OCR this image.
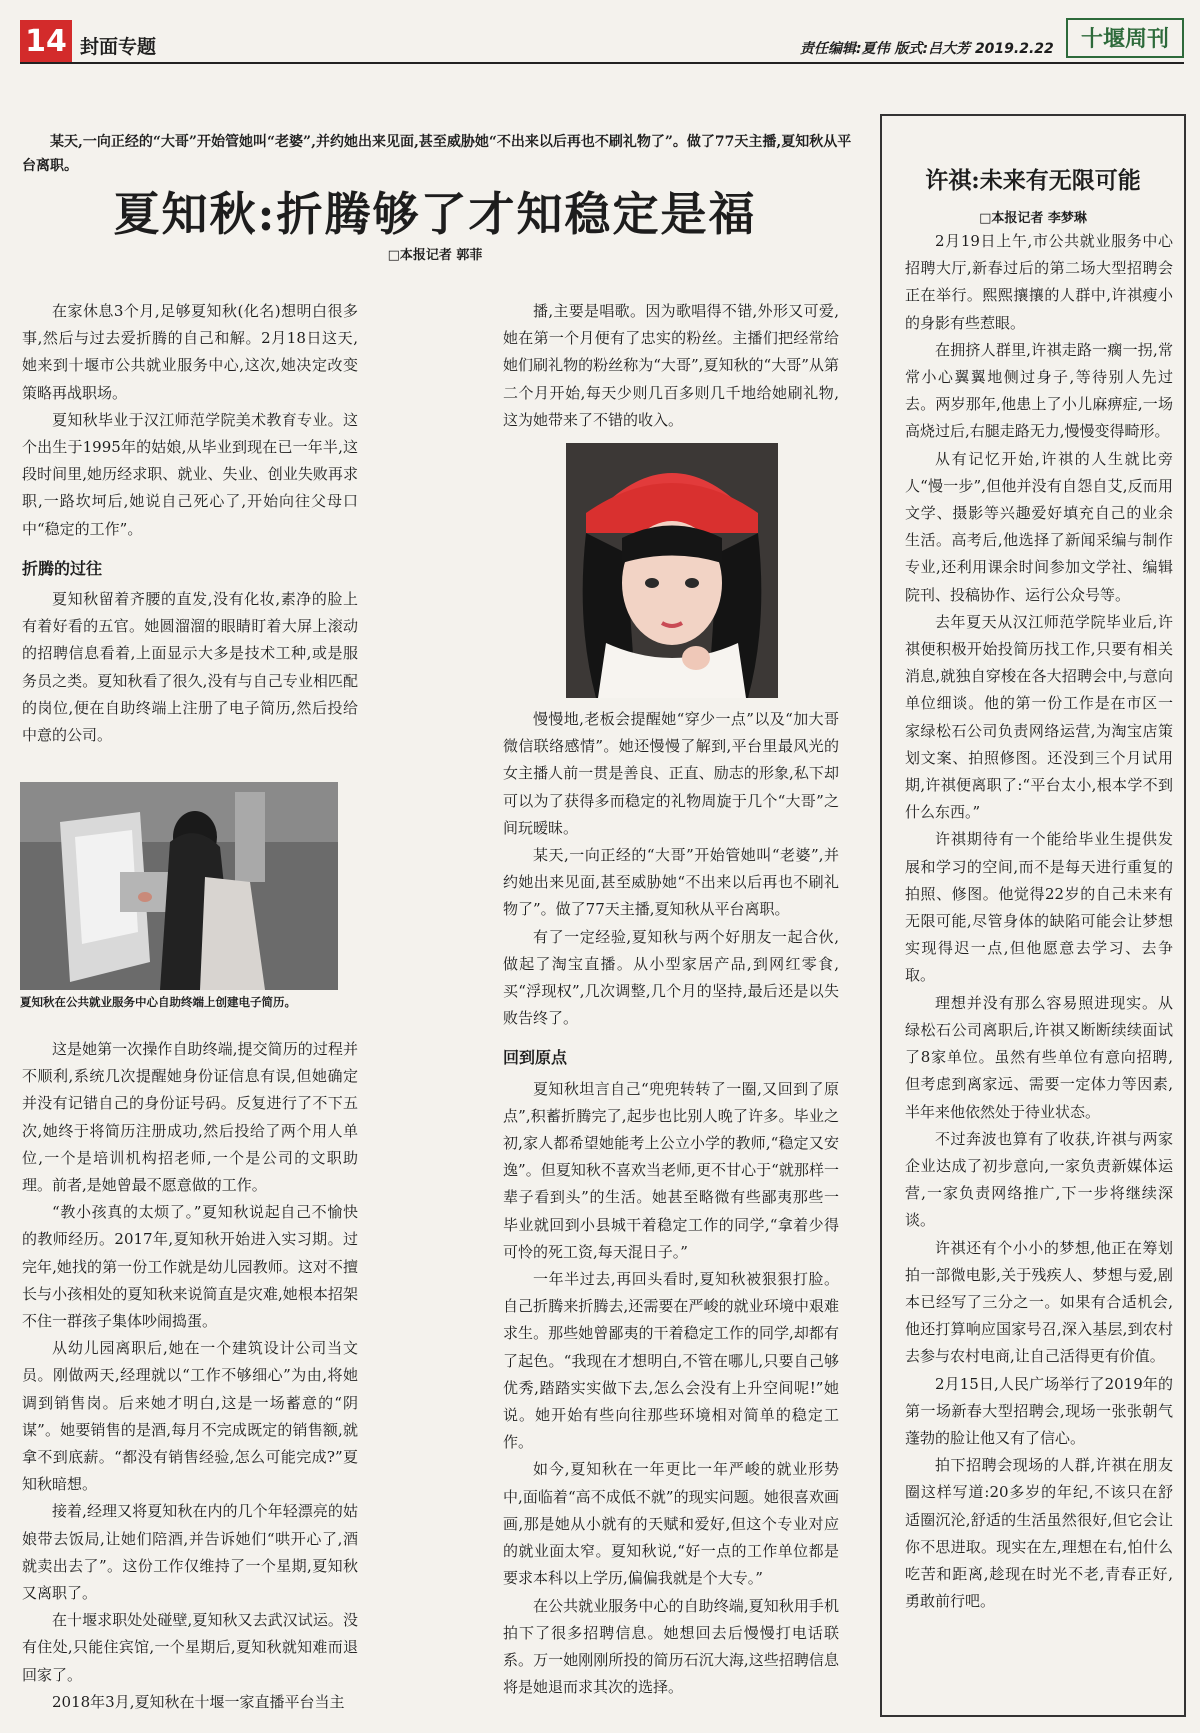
14 封面专题	责任编辑:夏伟 版式:吕大芳 2019.2.22	十堰周刊
某天,一向正经的“大哥”开始管她叫“老婆”,并约她出来见面,甚至威胁她“不出来以后再也不刷礼物了”。做了77天主播,夏知秋从平台离职。
夏知秋:折腾够了才知稳定是福
□本报记者 郭菲

在家休息3个月,足够夏知秋(化名)想明白很多事,然后与过去爱折腾的自己和解。2月18日这天,她来到十堰市公共就业服务中心,这次,她决定改变策略再战职场。

夏知秋毕业于汉江师范学院美术教育专业。这个出生于1995年的姑娘,从毕业到现在已一年半,这段时间里,她历经求职、就业、失业、创业失败再求职,一路坎坷后,她说自己死心了,开始向往父母口中“稳定的工作”。

折腾的过往

夏知秋留着齐腰的直发,没有化妆,素净的脸上有着好看的五官。她圆溜溜的眼睛盯着大屏上滚动的招聘信息看着,上面显示大多是技术工种,或是服务员之类。夏知秋看了很久,没有与自己专业相匹配的岗位,便在自助终端上注册了电子简历,然后投给中意的公司。

夏知秋在公共就业服务中心自助终端上创建电子简历。

这是她第一次操作自助终端,提交简历的过程并不顺利,系统几次提醒她身份证信息有误,但她确定并没有记错自己的身份证号码。反复进行了不下五次,她终于将简历注册成功,然后投给了两个用人单位,一个是培训机构招老师,一个是公司的文职助理。前者,是她曾最不愿意做的工作。

“教小孩真的太烦了。”夏知秋说起自己不愉快的教师经历。2017年,夏知秋开始进入实习期。过完年,她找的第一份工作就是幼儿园教师。这对不擅长与小孩相处的夏知秋来说简直是灾难,她根本招架不住一群孩子集体吵闹捣蛋。

从幼儿园离职后,她在一个建筑设计公司当文员。刚做两天,经理就以“工作不够细心”为由,将她调到销售岗。后来她才明白,这是一场蓄意的“阴谋”。她要销售的是酒,每月不完成既定的销售额,就拿不到底薪。“都没有销售经验,怎么可能完成?”夏知秋暗想。

接着,经理又将夏知秋在内的几个年轻漂亮的姑娘带去饭局,让她们陪酒,并告诉她们“哄开心了,酒就卖出去了”。这份工作仅维持了一个星期,夏知秋又离职了。

在十堰求职处处碰壁,夏知秋又去武汉试运。没有住处,只能住宾馆,一个星期后,夏知秋就知难而退回家了。

2018年3月,夏知秋在十堰一家直播平台当主

播,主要是唱歌。因为歌唱得不错,外形又可爱,她在第一个月便有了忠实的粉丝。主播们把经常给她们刷礼物的粉丝称为“大哥”,夏知秋的“大哥”从第二个月开始,每天少则几百多则几千地给她刷礼物,这为她带来了不错的收入。

慢慢地,老板会提醒她“穿少一点”以及“加大哥微信联络感情”。她还慢慢了解到,平台里最风光的女主播人前一贯是善良、正直、励志的形象,私下却可以为了获得多而稳定的礼物周旋于几个“大哥”之间玩暧昧。

某天,一向正经的“大哥”开始管她叫“老婆”,并约她出来见面,甚至威胁她“不出来以后再也不刷礼物了”。做了77天主播,夏知秋从平台离职。

有了一定经验,夏知秋与两个好朋友一起合伙,做起了淘宝直播。从小型家居产品,到网红零食,买“浮现权”,几次调整,几个月的坚持,最后还是以失败告终了。

回到原点

夏知秋坦言自己“兜兜转转了一圈,又回到了原点”,积蓄折腾完了,起步也比别人晚了许多。毕业之初,家人都希望她能考上公立小学的教师,“稳定又安逸”。但夏知秋不喜欢当老师,更不甘心于“就那样一辈子看到头”的生活。她甚至略微有些鄙夷那些一毕业就回到小县城干着稳定工作的同学,“拿着少得可怜的死工资,每天混日子。”

一年半过去,再回头看时,夏知秋被狠狠打脸。自己折腾来折腾去,还需要在严峻的就业环境中艰难求生。那些她曾鄙夷的干着稳定工作的同学,却都有了起色。“我现在才想明白,不管在哪儿,只要自己够优秀,踏踏实实做下去,怎么会没有上升空间呢!”她说。她开始有些向往那些环境相对简单的稳定工作。

如今,夏知秋在一年更比一年严峻的就业形势中,面临着“高不成低不就”的现实问题。她很喜欢画画,那是她从小就有的天赋和爱好,但这个专业对应的就业面太窄。夏知秋说,“好一点的工作单位都是要求本科以上学历,偏偏我就是个大专。”

在公共就业服务中心的自助终端,夏知秋用手机拍下了很多招聘信息。她想回去后慢慢打电话联系。万一她刚刚所投的简历石沉大海,这些招聘信息将是她退而求其次的选择。

许祺:未来有无限可能
□本报记者 李梦琳

2月19日上午,市公共就业服务中心招聘大厅,新春过后的第二场大型招聘会正在举行。熙熙攘攘的人群中,许祺瘦小的身影有些惹眼。

在拥挤人群里,许祺走路一瘸一拐,常常小心翼翼地侧过身子,等待别人先过去。两岁那年,他患上了小儿麻痹症,一场高烧过后,右腿走路无力,慢慢变得畸形。

从有记忆开始,许祺的人生就比旁人“慢一步”,但他并没有自怨自艾,反而用文学、摄影等兴趣爱好填充自己的业余生活。高考后,他选择了新闻采编与制作专业,还利用课余时间参加文学社、编辑院刊、投稿协作、运行公众号等。

去年夏天从汉江师范学院毕业后,许祺便积极开始投简历找工作,只要有相关消息,就独自穿梭在各大招聘会中,与意向单位细谈。他的第一份工作是在市区一家绿松石公司负责网络运营,为淘宝店策划文案、拍照修图。还没到三个月试用期,许祺便离职了:“平台太小,根本学不到什么东西。”

许祺期待有一个能给毕业生提供发展和学习的空间,而不是每天进行重复的拍照、修图。他觉得22岁的自己未来有无限可能,尽管身体的缺陷可能会让梦想实现得迟一点,但他愿意去学习、去争取。

理想并没有那么容易照进现实。从绿松石公司离职后,许祺又断断续续面试了8家单位。虽然有些单位有意向招聘,但考虑到离家远、需要一定体力等因素,半年来他依然处于待业状态。

不过奔波也算有了收获,许祺与两家企业达成了初步意向,一家负责新媒体运营,一家负责网络推广,下一步将继续深谈。

许祺还有个小小的梦想,他正在筹划拍一部微电影,关于残疾人、梦想与爱,剧本已经写了三分之一。如果有合适机会,他还打算响应国家号召,深入基层,到农村去参与农村电商,让自己活得更有价值。

2月15日,人民广场举行了2019年的第一场新春大型招聘会,现场一张张朝气蓬勃的脸让他又有了信心。

拍下招聘会现场的人群,许祺在朋友圈这样写道:20多岁的年纪,不该只在舒适圈沉沦,舒适的生活虽然很好,但它会让你不思进取。现实在左,理想在右,怕什么吃苦和距离,趁现在时光不老,青春正好,勇敢前行吧。
